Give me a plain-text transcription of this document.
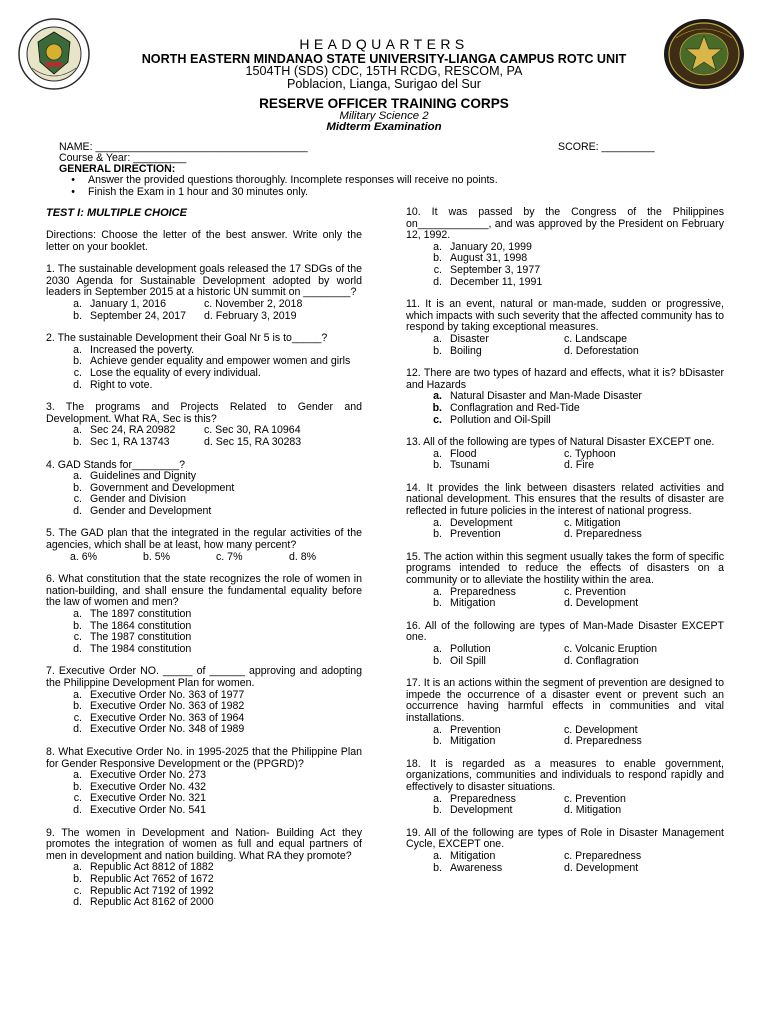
HEADQUARTERS
NORTH EASTERN MINDANAO STATE UNIVERSITY-LIANGA CAMPUS ROTC UNIT
1504TH (SDS) CDC, 15TH RCDG, RESCOM, PA
Poblacion, Lianga, Surigao del Sur
RESERVE OFFICER TRAINING CORPS
Military Science 2
Midterm Examination
NAME: ____________________________________	SCORE: _________
Course & Year: _________
GENERAL DIRECTION:
•	Answer the provided questions thoroughly. Incomplete responses will receive no points.
•	Finish the Exam in 1 hour and 30 minutes only.
TEST I: MULTIPLE CHOICE
Directions: Choose the letter of the best answer. Write only the letter on your booklet.
1. The sustainable development goals released the 17 SDGs of the 2030 Agenda for Sustainable Development adopted by world leaders in September 2015 at a historic UN summit on ________?
a. January 1, 2016	c. November 2, 2018
b. September 24, 2017 d. February 3, 2019
2. The sustainable Development their Goal Nr 5 is to_____?
a. Increased the poverty.
b. Achieve gender equality and empower women and girls
c. Lose the equality of every individual.
d. Right to vote.
3. The programs and Projects Related to Gender and Development. What RA, Sec is this?
a. Sec 24, RA 20982	c. Sec 30, RA 10964
b. Sec 1, RA 13743	d. Sec 15, RA 30283
4. GAD Stands for________?
a. Guidelines and Dignity
b. Government and Development
c. Gender and Division
d. Gender and Development
5. The GAD plan that the integrated in the regular activities of the agencies, which shall be at least, how many percent?
a. 6%	b. 5%	c. 7%	d. 8%
6. What constitution that the state recognizes the role of women in nation-building, and shall ensure the fundamental equality before the law of women and men?
a. The 1897 constitution
b. The 1864 constitution
c. The 1987 constitution
d. The 1984 constitution
7. Executive Order NO. _____ of ______ approving and adopting the Philippine Development Plan for women.
a. Executive Order No. 363 of 1977
b. Executive Order No. 363 of 1982
c. Executive Order No. 363 of 1964
d. Executive Order No. 348 of 1989
8. What Executive Order No. in 1995-2025 that the Philippine Plan for Gender Responsive Development or the (PPGRD)?
a. Executive Order No. 273
b. Executive Order No. 432
c. Executive Order No. 321
d. Executive Order No. 541
9. The women in Development and Nation- Building Act they promotes the integration of women as full and equal partners of men in development and nation building. What RA they promote?
a. Republic Act 8812 of 1882
b. Republic Act 7652 of 1672
c. Republic Act 7192 of 1992
d. Republic Act 8162 of 2000
10. It was passed by the Congress of the Philippines on____________, and was approved by the President on February 12, 1992.
a. January 20, 1999
b. August 31, 1998
c. September 3, 1977
d. December 11, 1991
11. It is an event, natural or man-made, sudden or progressive, which impacts with such severity that the affected community has to respond by taking exceptional measures.
a. Disaster	c. Landscape
b. Boiling	d. Deforestation
12. There are two types of hazard and effects, what it is? bDisaster and Hazards
a. Natural Disaster and Man-Made Disaster
b. Conflagration and Red-Tide
c. Pollution and Oil-Spill
13. All of the following are types of Natural Disaster EXCEPT one.
a. Flood	c. Typhoon
b. Tsunami	d. Fire
14. It provides the link between disasters related activities and national development. This ensures that the results of disaster are reflected in future policies in the interest of national progress.
a. Development	c. Mitigation
b. Prevention	d. Preparedness
15. The action within this segment usually takes the form of specific programs intended to reduce the effects of disasters on a community or to alleviate the hostility within the area.
a. Preparedness	c. Prevention
b. Mitigation	d. Development
16. All of the following are types of Man-Made Disaster EXCEPT one.
a. Pollution	c. Volcanic Eruption
b. Oil Spill	d. Conflagration
17. It is an actions within the segment of prevention are designed to impede the occurrence of a disaster event or prevent such an occurrence having harmful effects in communities and vital installations.
a. Prevention	c. Development
b. Mitigation	d. Preparedness
18. It is regarded as a measures to enable government, organizations, communities and individuals to respond rapidly and effectively to disaster situations.
a. Preparedness	c. Prevention
b. Development	d. Mitigation
19. All of the following are types of Role in Disaster Management Cycle, EXCEPT one.
a. Mitigation	c. Preparedness
b. Awareness	d. Development
